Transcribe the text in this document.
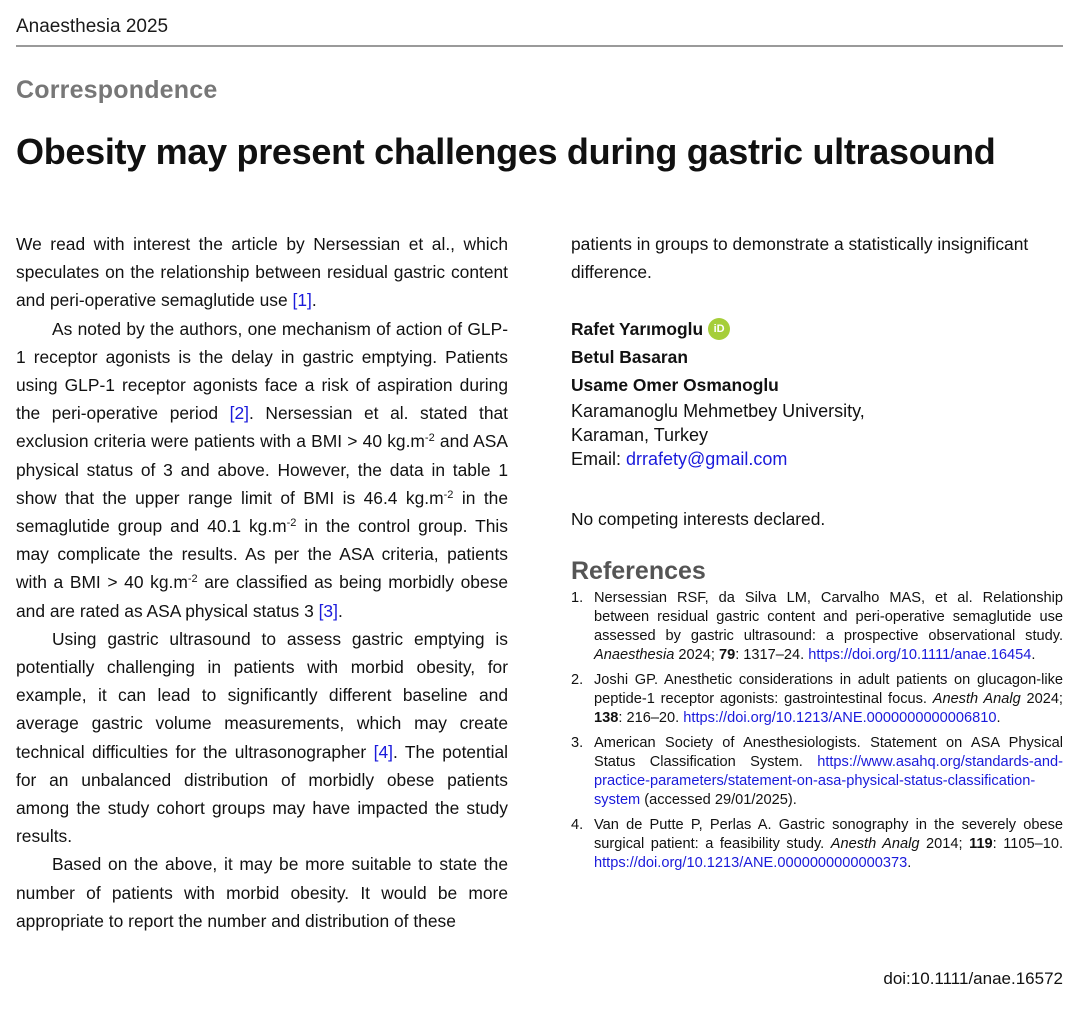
Anaesthesia 2025
Correspondence
Obesity may present challenges during gastric ultrasound

We read with interest the article by Nersessian et al., which speculates on the relationship between residual gastric content and peri-operative semaglutide use [1].

As noted by the authors, one mechanism of action of GLP-1 receptor agonists is the delay in gastric emptying. Patients using GLP-1 receptor agonists face a risk of aspiration during the peri-operative period [2]. Nersessian et al. stated that exclusion criteria were patients with a BMI > 40 $kg.m^{-2}$ and ASA physical status of 3 and above. However, the data in table 1 show that the upper range limit of BMI is 46.4 $kg.m^{-2}$ in the semaglutide group and 40.1 $kg.m^{-2}$ in the control group. This may complicate the results. As per the ASA criteria, patients with a BMI > 40 $kg.m^{-2}$ are classified as being morbidly obese and are rated as ASA physical status 3 [3].

Using gastric ultrasound to assess gastric emptying is potentially challenging in patients with morbid obesity, for example, it can lead to significantly different baseline and average gastric volume measurements, which may create technical difficulties for the ultrasonographer [4]. The potential for an unbalanced distribution of morbidly obese patients among the study cohort groups may have impacted the study results.

Based on the above, it may be more suitable to state the number of patients with morbid obesity. It would be more appropriate to report the number and distribution of these

patients in groups to demonstrate a statistically insignificant difference.

Rafet Yarımoglu iD
Betul Basaran
Usame Omer Osmanoglu

Karamanoglu Mehmetbey University,

Karaman, Turkey

Email: drrafety@gmail.com

No competing interests declared.
References
1. Nersessian RSF, da Silva LM, Carvalho MAS, et al. Relationship between residual gastric content and peri-operative semaglutide use assessed by gastric ultrasound: a prospective observational study. Anaesthesia 2024; 79: 1317–24. https://doi.org/10.1111/anae.16454.
2. Joshi GP. Anesthetic considerations in adult patients on glucagon-like peptide-1 receptor agonists: gastrointestinal focus. Anesth Analg 2024; 138: 216–20. https://doi.org/10.1213/ANE.0000000000006810.
3. American Society of Anesthesiologists. Statement on ASA Physical Status Classification System. https://www.asahq.org/standards-and-practice-parameters/statement-on-asa-physical-status-classification-system (accessed 29/01/2025).
4. Van de Putte P, Perlas A. Gastric sonography in the severely obese surgical patient: a feasibility study. Anesth Analg 2014; 119: 1105–10. https://doi.org/10.1213/ANE.0000000000000373.
doi:10.1111/anae.16572
